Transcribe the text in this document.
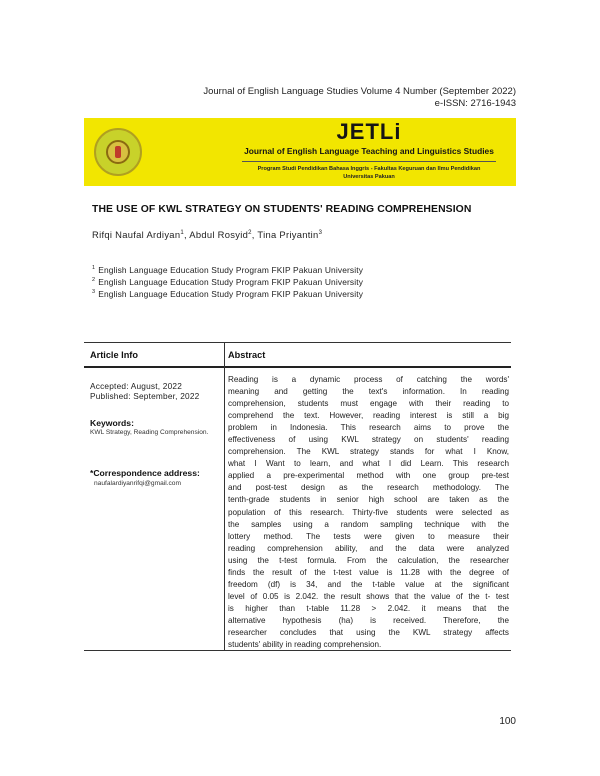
Journal of English Language Studies Volume 4 Number (September 2022)
e-ISSN: 2716-1943
JETLi
Journal of English Language Teaching and Linguistics Studies
Program Studi Pendidikan Bahasa Inggris - Fakultas Keguruan dan Ilmu Pendidikan
Universitas Pakuan
THE USE OF KWL STRATEGY ON STUDENTS' READING COMPREHENSION
Rifqi Naufal Ardiyan$^1$, Abdul Rosyid$^2$, Tina Priyantin$^3$
$^1$ English Language Education Study Program FKIP Pakuan University
$^2$ English Language Education Study Program FKIP Pakuan University
$^3$ English Language Education Study Program FKIP Pakuan University
Article Info	Abstract
Accepted: August, 2022
Published: September, 2022
Keywords:
KWL Strategy, Reading Comprehension.
*Correspondence address:
naufalardiyanrifqi@gmail.com
Reading is a dynamic process of catching the words'
meaning and getting the text's information. In reading
comprehension, students must engage with their reading to
comprehend the text. However, reading interest is still a big
problem in Indonesia. This research aims to prove the
effectiveness of using KWL strategy on students' reading
comprehension. The KWL strategy stands for what I Know,
what I Want to learn, and what I did Learn. This research
applied a pre-experimental method with one group pre-test
and post-test design as the research methodology. The
tenth-grade students in senior high school are taken as the
population of this research. Thirty-five students were selected as
the samples using a random sampling technique with the
lottery method. The tests were given to measure their
reading comprehension ability, and the data were analyzed
using the t-test formula. From the calculation, the researcher
finds the result of the t-test value is 11.28 with the degree of
freedom (df) is 34, and the t-table value at the significant
level of 0.05 is 2.042. the result shows that the value of the t- test
is higher than t-table 11.28 > 2.042. it means that the
alternative hypothesis (ha) is received. Therefore, the
researcher concludes that using the KWL strategy affects
students' ability in reading comprehension.
100
